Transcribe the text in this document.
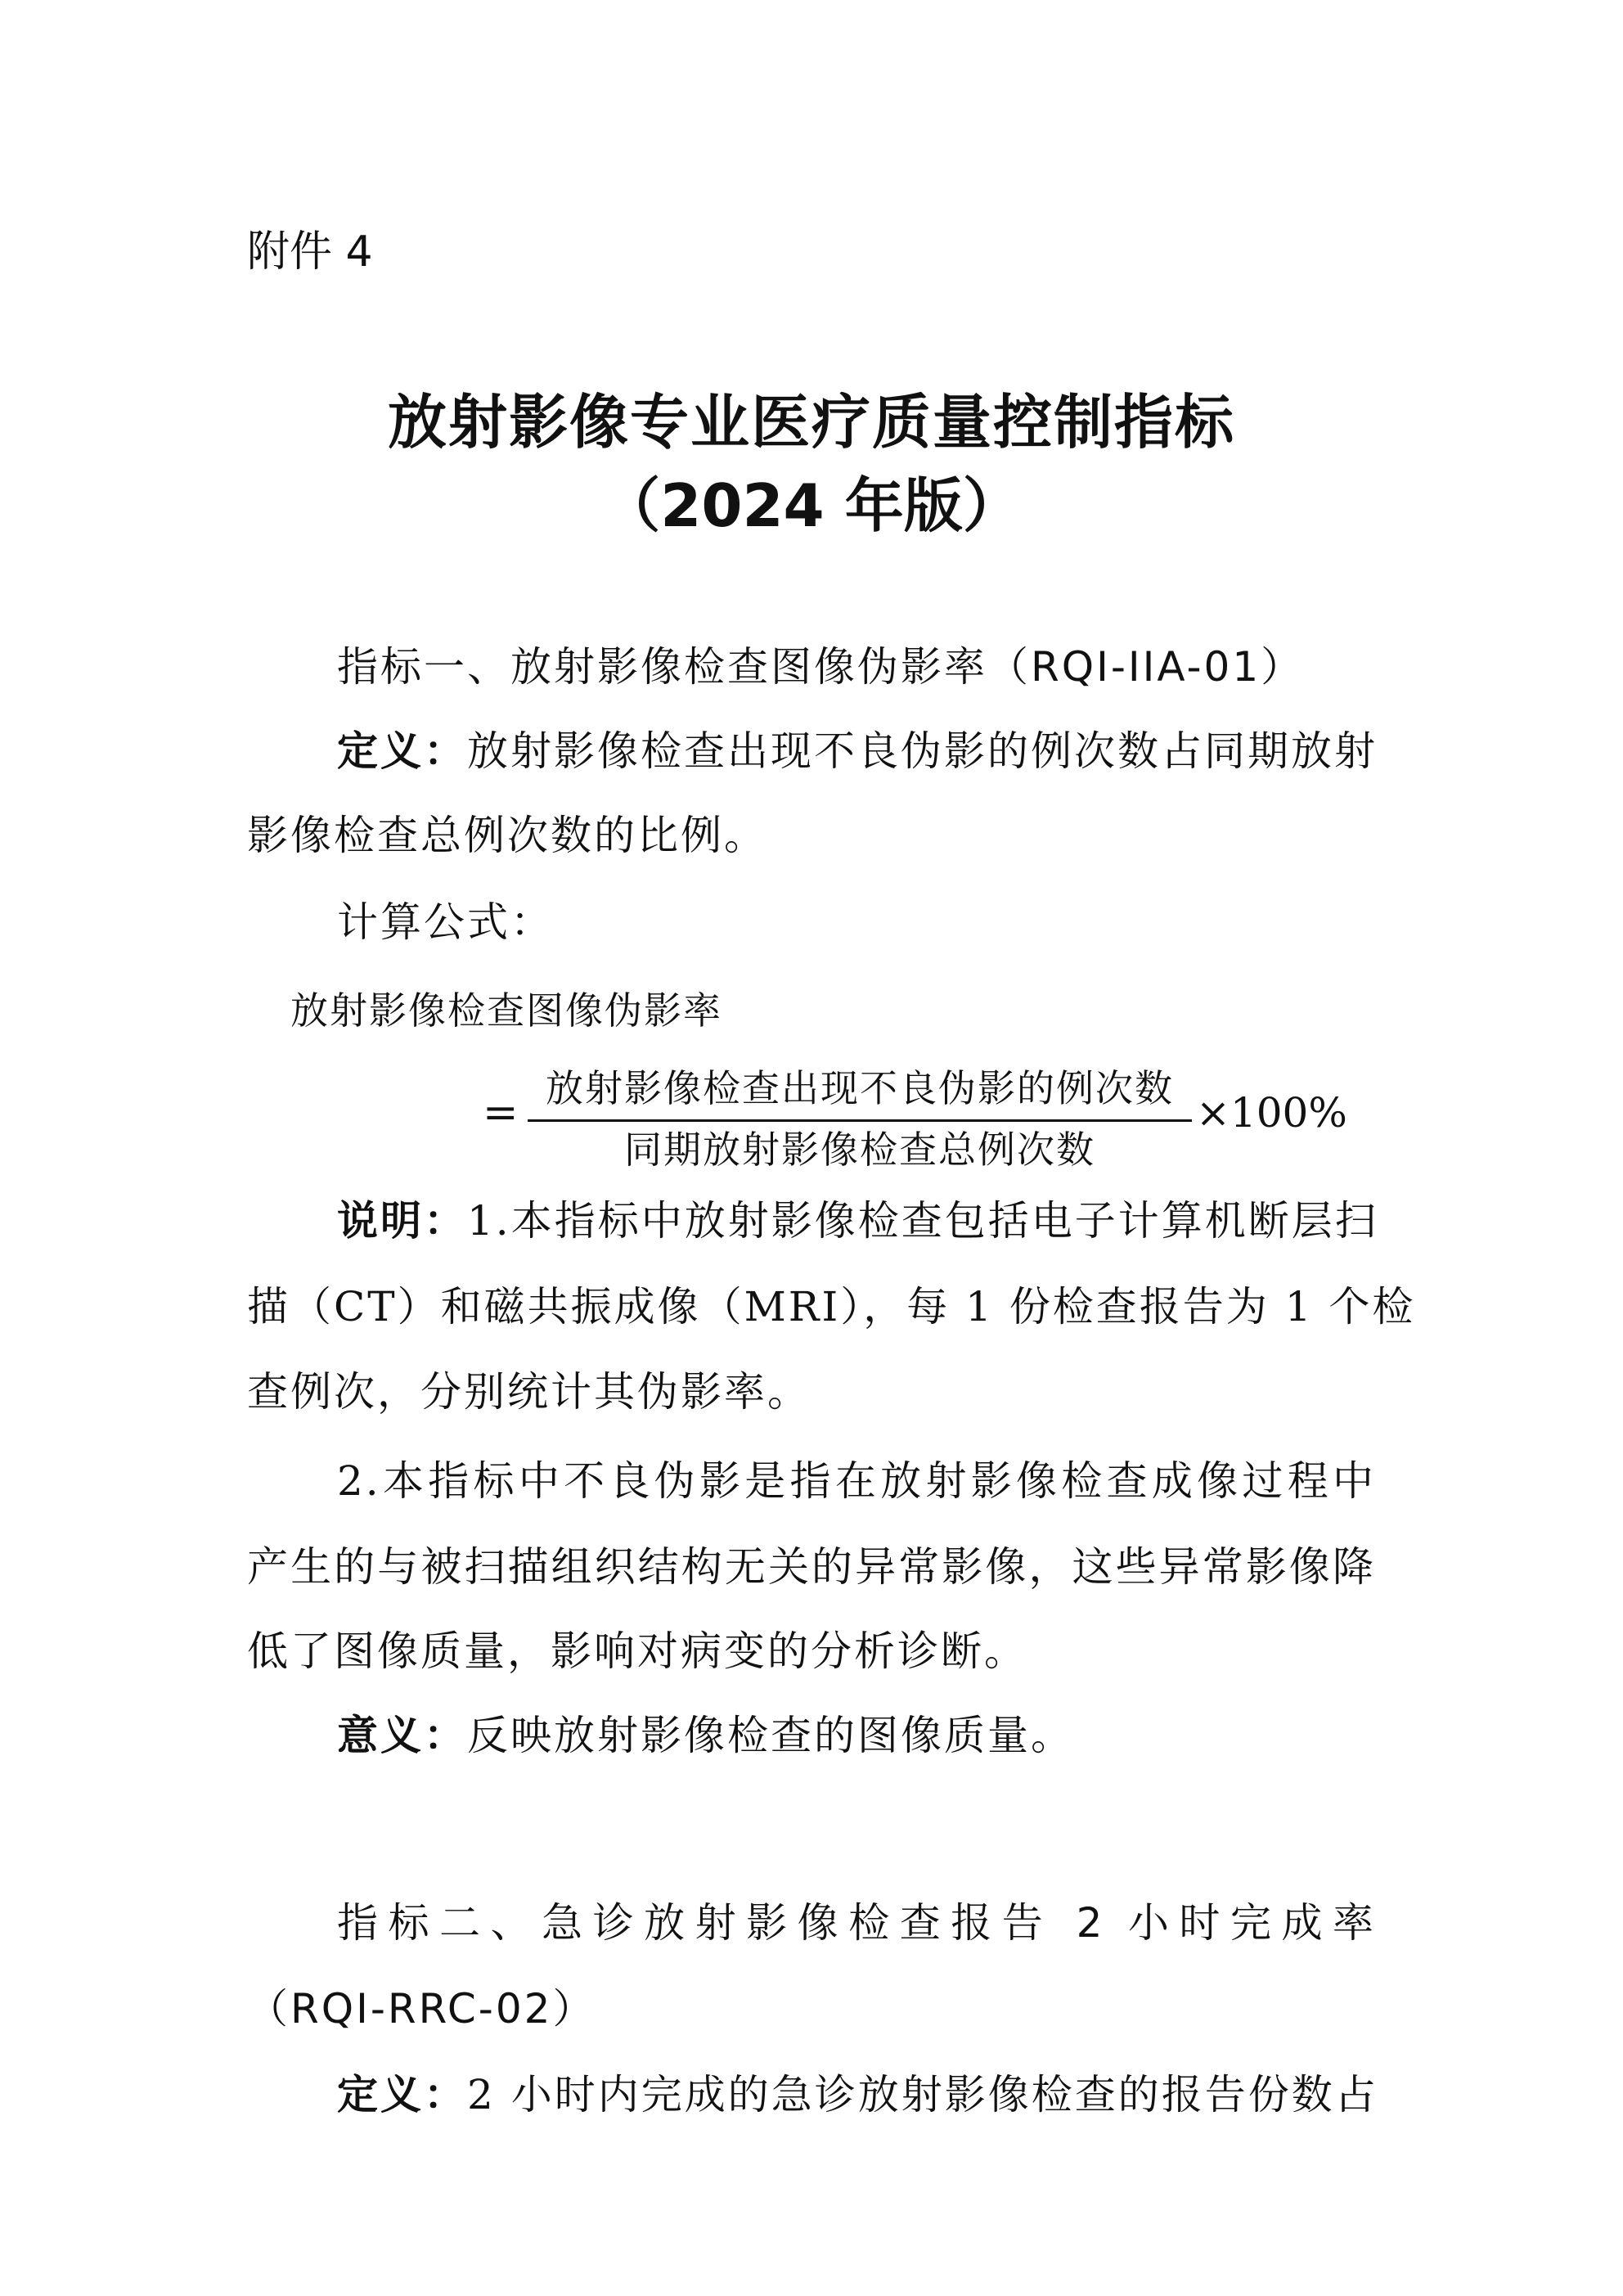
附件 4
放射影像专业医疗质量控制指标
（2024 年版）
指标一、放射影像检查图像伪影率（RQI-IIA-01）
定义：放射影像检查出现不良伪影的例次数占同期放射
影像检查总例次数的比例。
计算公式：
放射影像检查图像伪影率
= 放射影像检查出现不良伪影的例次数
同期放射影像检查总例次数
×100%
说明：1.本指标中放射影像检查包括电子计算机断层扫
描（CT）和磁共振成像（MRI），每 1 份检查报告为 1 个检
查例次，分别统计其伪影率。
2.本指标中不良伪影是指在放射影像检查成像过程中
产生的与被扫描组织结构无关的异常影像，这些异常影像降
低了图像质量，影响对病变的分析诊断。
意义：反映放射影像检查的图像质量。
指标二、急诊放射影像检查报告 2 小时完成率
（RQI-RRC-02）
定义：2 小时内完成的急诊放射影像检查的报告份数占
